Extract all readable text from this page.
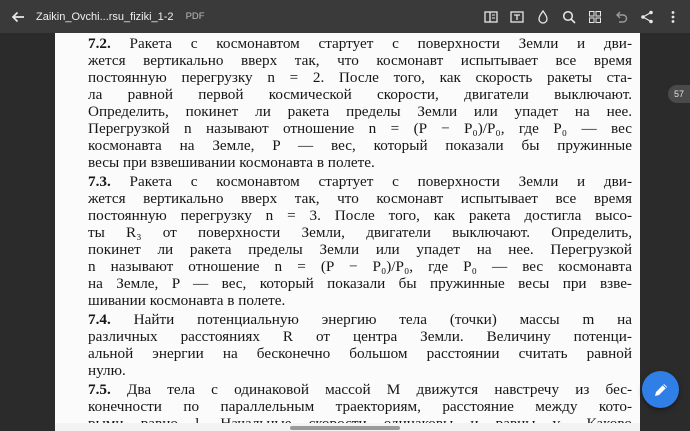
Zaikin_Ovchi...rsu_fiziki_1-2 PDF
7.2. Ракета с космонавтом стартует с поверхности Земли и дви-
жется вертикально вверх так, что космонавт испытывает все время
постоянную перегрузку n = 2. После того, как скорость ракеты ста-
ла равной первой космической скорости, двигатели выключают.
Определить, покинет ли ракета пределы Земли или упадет на нее.
Перегрузкой n называют отношение n = (P − P₀)/P₀, где P₀ — вес
космонавта на Земле, P — вес, который показали бы пружинные
весы при взвешивании космонавта в полете.
7.3. Ракета с космонавтом стартует с поверхности Земли и дви-
жется вертикально вверх так, что космонавт испытывает все время
постоянную перегрузку n = 3. После того, как ракета достигла высо-
ты R₃ от поверхности Земли, двигатели выключают. Определить,
покинет ли ракета пределы Земли или упадет на нее. Перегрузкой
n называют отношение n = (P − P₀)/P₀, где P₀ — вес космонавта
на Земле, P — вес, который показали бы пружинные весы при взве-
шивании космонавта в полете.
7.4. Найти потенциальную энергию тела (точки) массы m на
различных расстояниях R от центра Земли. Величину потенци-
альной энергии на бесконечно большом расстоянии считать равной
нулю.
7.5. Два тела с одинаковой массой M движутся навстречу из бес-
конечности по параллельным траекториям, расстояние между кото-
57
